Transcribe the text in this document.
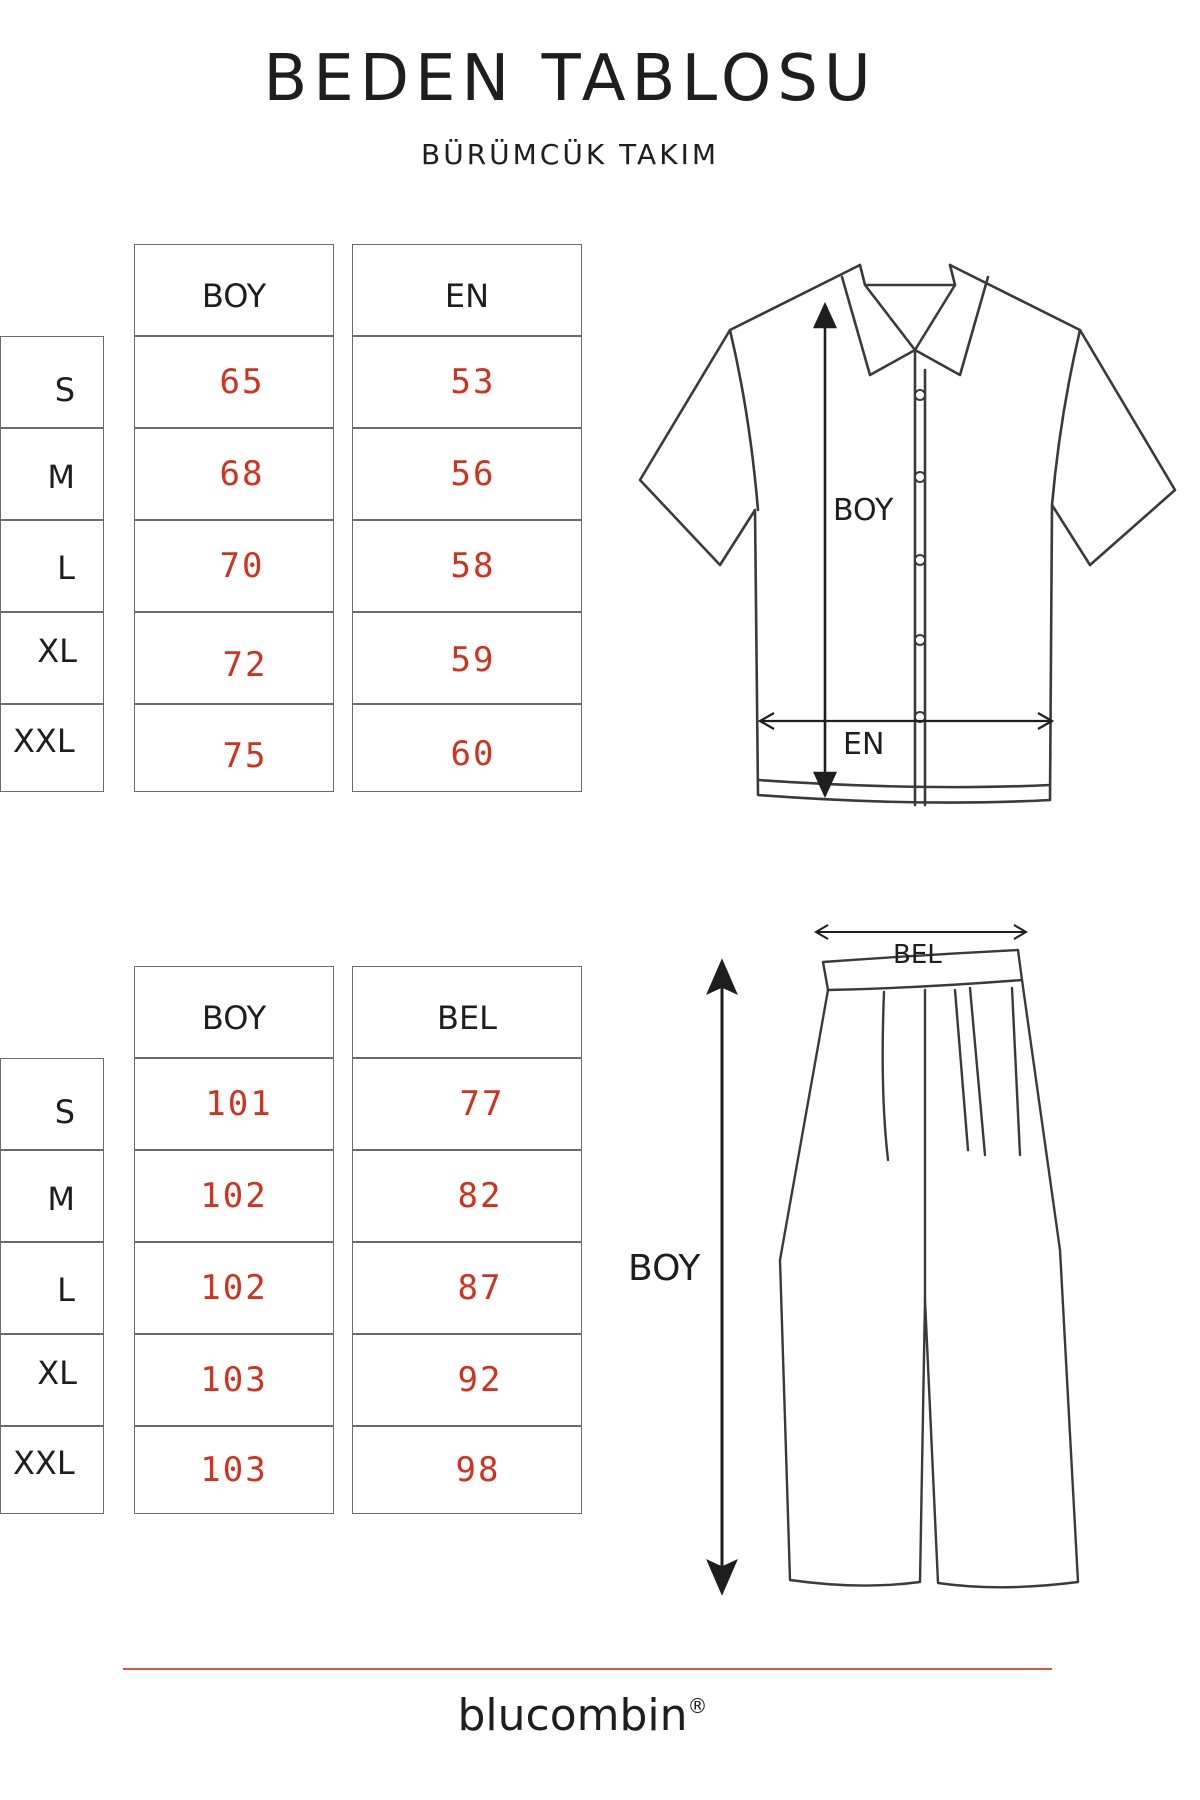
BEDEN TABLOSU
BÜRÜMCÜK TAKIM
BOY	EN
S
M
L
XL
XXL
65
68
70
72
75
53
56
58
59
60
BOY	BEL
S
M
L
XL
XXL
101
102
102
103
103
77
82
87
92
98
BOY
EN
BEL
BOY
blucombin®
